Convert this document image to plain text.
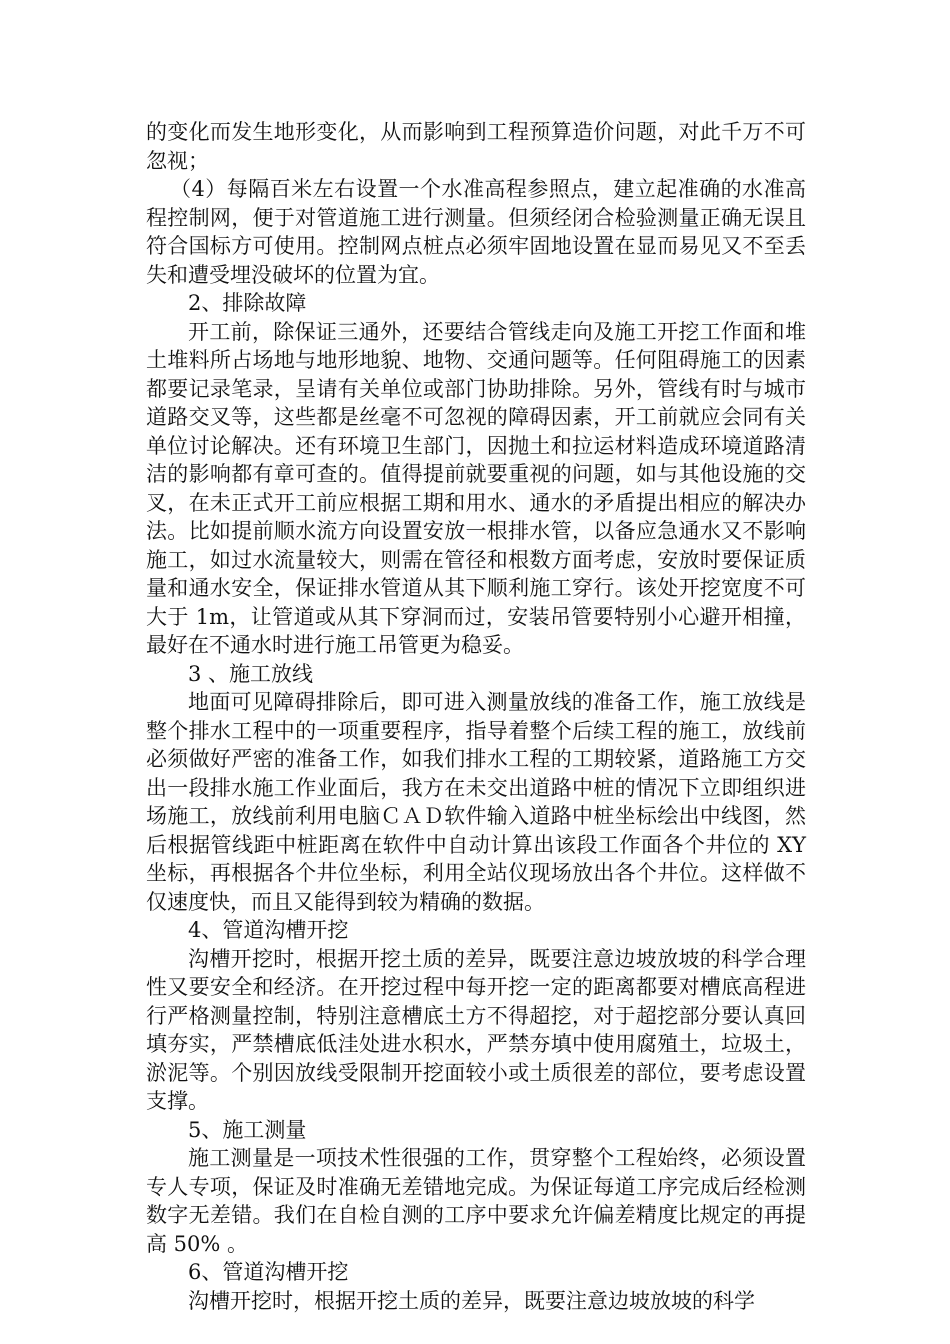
的变化而发生地形变化，从而影响到工程预算造价问题，对此千万不可忽视；

（4）每隔百米左右设置一个水准高程参照点，建立起准确的水准高程控制网，便于对管道施工进行测量。但须经闭合检验测量正确无误且符合国标方可使用。控制网点桩点必须牢固地设置在显而易见又不至丢失和遭受埋没破坏的位置为宜。

2、排除故障

开工前，除保证三通外，还要结合管线走向及施工开挖工作面和堆土堆料所占场地与地形地貌、地物、交通问题等。任何阻碍施工的因素都要记录笔录，呈请有关单位或部门协助排除。另外，管线有时与城市道路交叉等，这些都是丝毫不可忽视的障碍因素，开工前就应会同有关单位讨论解决。还有环境卫生部门，因抛土和拉运材料造成环境道路清洁的影响都有章可查的。值得提前就要重视的问题，如与其他设施的交叉，在未正式开工前应根据工期和用水、通水的矛盾提出相应的解决办法。比如提前顺水流方向设置安放一根排水管，以备应急通水又不影响施工，如过水流量较大，则需在管径和根数方面考虑，安放时要保证质量和通水安全，保证排水管道从其下顺利施工穿行。该处开挖宽度不可大于 1m，让管道或从其下穿洞而过，安装吊管要特别小心避开相撞，最好在不通水时进行施工吊管更为稳妥。

3 、施工放线

地面可见障碍排除后，即可进入测量放线的准备工作，施工放线是整个排水工程中的一项重要程序，指导着整个后续工程的施工，放线前必须做好严密的准备工作，如我们排水工程的工期较紧，道路施工方交出一段排水施工作业面后，我方在未交出道路中桩的情况下立即组织进场施工，放线前利用电脑ＣＡＤ软件输入道路中桩坐标绘出中线图，然后根据管线距中桩距离在软件中自动计算出该段工作面各个井位的 XY 坐标，再根据各个井位坐标，利用全站仪现场放出各个井位。这样做不仅速度快，而且又能得到较为精确的数据。

4、管道沟槽开挖

沟槽开挖时，根据开挖土质的差异，既要注意边坡放坡的科学合理性又要安全和经济。在开挖过程中每开挖一定的距离都要对槽底高程进行严格测量控制，特别注意槽底土方不得超挖，对于超挖部分要认真回填夯实，严禁槽底低洼处进水积水，严禁夯填中使用腐殖土，垃圾土，淤泥等。个别因放线受限制开挖面较小或土质很差的部位，要考虑设置支撑。

5、施工测量

施工测量是一项技术性很强的工作，贯穿整个工程始终，必须设置专人专项，保证及时准确无差错地完成。为保证每道工序完成后经检测数字无差错。我们在自检自测的工序中要求允许偏差精度比规定的再提高 50% 。

6、管道沟槽开挖

沟槽开挖时，根据开挖土质的差异，既要注意边坡放坡的科学
